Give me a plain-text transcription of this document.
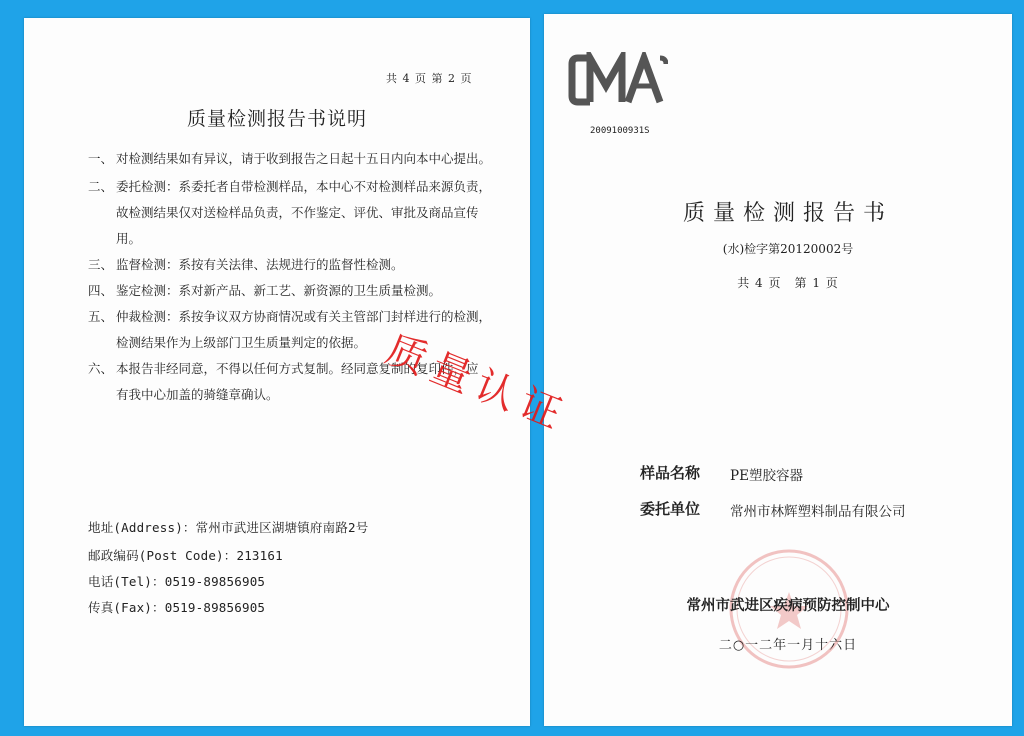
共 4 页 第 2 页
质量检测报告书说明
一、 对检测结果如有异议，请于收到报告之日起十五日内向本中心提出。
二、 委托检测：系委托者自带检测样品，本中心不对检测样品来源负责，
故检测结果仅对送检样品负责，不作鉴定、评优、审批及商品宣传
用。
三、 监督检测：系按有关法律、法规进行的监督性检测。
四、 鉴定检测：系对新产品、新工艺、新资源的卫生质量检测。
五、 仲裁检测：系按争议双方协商情况或有关主管部门封样进行的检测，
检测结果作为上级部门卫生质量判定的依据。
六、 本报告非经同意，不得以任何方式复制。经同意复制的复印件，应
有我中心加盖的骑缝章确认。
地址(Address)：常州市武进区湖塘镇府南路2号
邮政编码(Post Code)：213161
电话(Tel)：0519-89856905
传真(Fax)：0519-89856905
2009100931S
质量检测报告书
(水)检字第20120002号
共 4 页　第 1 页
样品名称 PE塑胶容器
委托单位 常州市林辉塑料制品有限公司
常州市武进区疾病预防控制中心
二○一二年一月十六日
质量认证
